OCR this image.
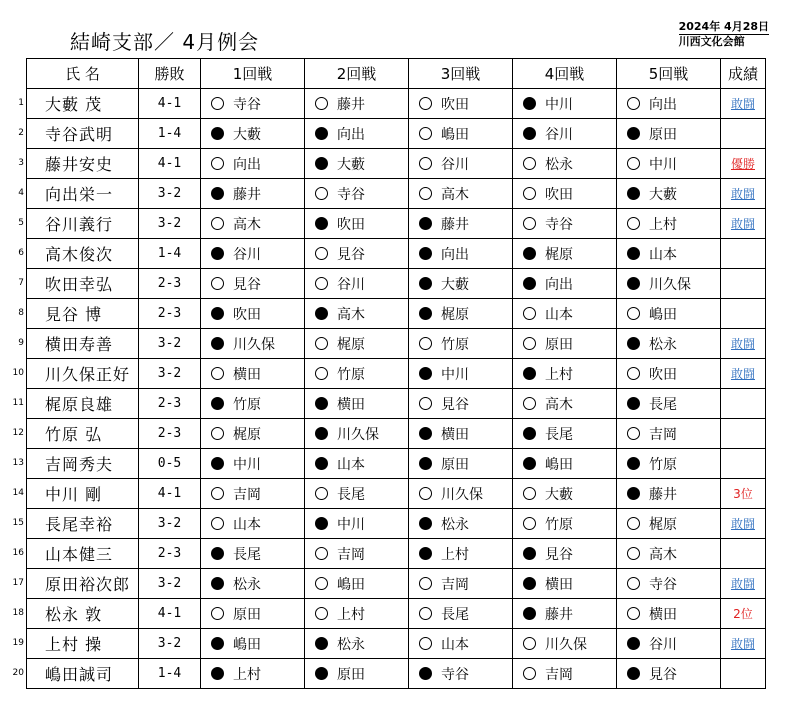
結崎支部／ 4月例会
2024年 4月28日
川西文化会館
1
2
3
4
5
6
7
8
9
10
11
12
13
14
15
16
17
18
19
20
氏 名	勝敗	1回戦	2回戦	3回戦	4回戦	5回戦	成績
大藪 茂	4-1	寺谷	藤井	吹田	中川	向出	敢闘
寺谷武明	1-4	大藪	向出	嶋田	谷川	原田	
藤井安史	4-1	向出	大藪	谷川	松永	中川	優勝
向出栄一	3-2	藤井	寺谷	高木	吹田	大藪	敢闘
谷川義行	3-2	高木	吹田	藤井	寺谷	上村	敢闘
高木俊次	1-4	谷川	見谷	向出	梶原	山本	
吹田幸弘	2-3	見谷	谷川	大藪	向出	川久保	
見谷 博	2-3	吹田	高木	梶原	山本	嶋田	
横田寿善	3-2	川久保	梶原	竹原	原田	松永	敢闘
川久保正好	3-2	横田	竹原	中川	上村	吹田	敢闘
梶原良雄	2-3	竹原	横田	見谷	高木	長尾	
竹原 弘	2-3	梶原	川久保	横田	長尾	吉岡	
吉岡秀夫	0-5	中川	山本	原田	嶋田	竹原	
中川 剛	4-1	吉岡	長尾	川久保	大藪	藤井	3位
長尾幸裕	3-2	山本	中川	松永	竹原	梶原	敢闘
山本健三	2-3	長尾	吉岡	上村	見谷	高木	
原田裕次郎	3-2	松永	嶋田	吉岡	横田	寺谷	敢闘
松永 敦	4-1	原田	上村	長尾	藤井	横田	2位
上村 操	3-2	嶋田	松永	山本	川久保	谷川	敢闘
嶋田誠司	1-4	上村	原田	寺谷	吉岡	見谷	
